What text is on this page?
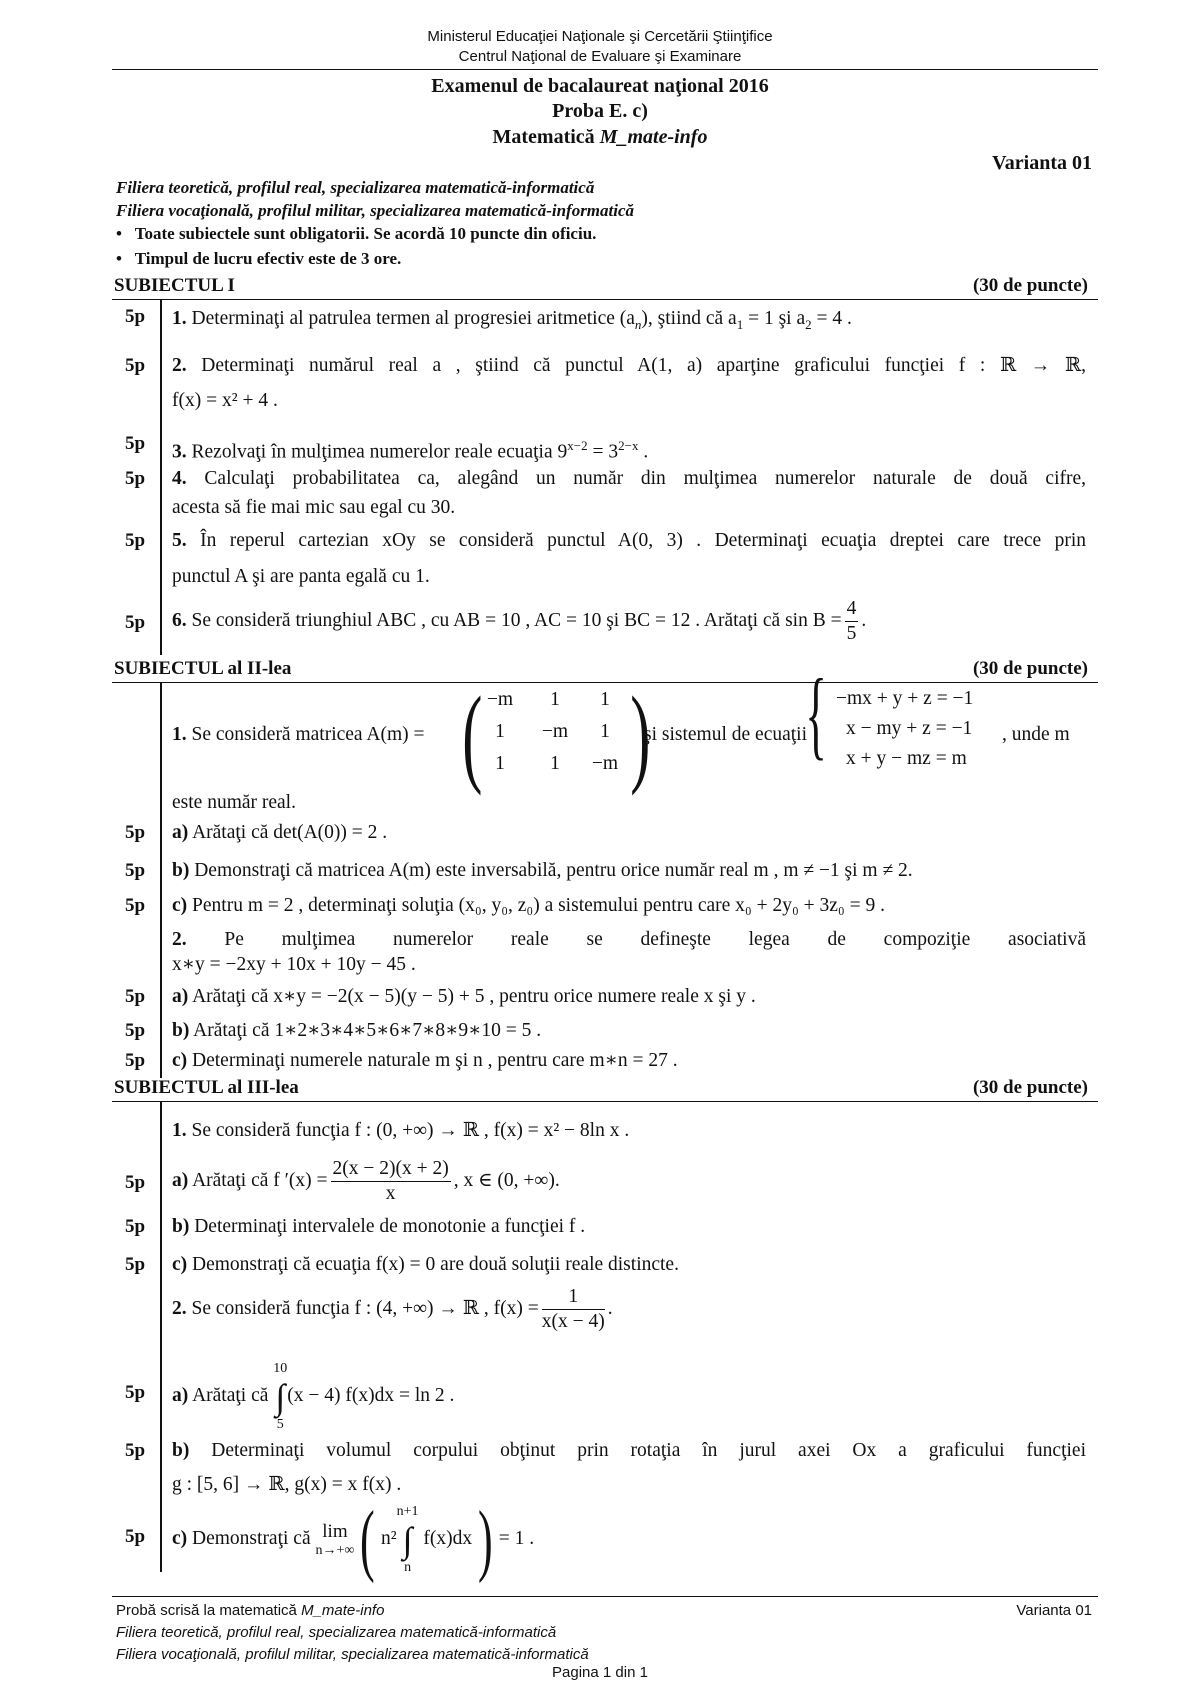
Ministerul Educaţiei Naţionale şi Cercetării Ştiinţifice
Centrul Naţional de Evaluare şi Examinare
Examenul de bacalaureat naţional 2016
Proba E. c)
Matematică M_mate-info
Varianta 01
Filiera teoretică, profilul real, specializarea matematică-informatică
Filiera vocaţională, profilul militar, specializarea matematică-informatică
•   Toate subiectele sunt obligatorii. Se acordă 10 puncte din oficiu.
•   Timpul de lucru efectiv este de 3 ore.
SUBIECTUL I	(30 de puncte)
5p 1. Determinaţi al patrulea termen al progresiei aritmetice $(a_n)$, ştiind că $a_1 = 1$ şi $a_2 = 4$ .
5p 2. Determinaţi numărul real a , ştiind că punctul A(1, a) aparţine graficului funcţiei f : ℝ → ℝ,
f(x) = x² + 4 .
5p 3. Rezolvaţi în mulţimea numerelor reale ecuaţia $9^{x-2} = 3^{2-x}$ .
5p 4. Calculaţi probabilitatea ca, alegând un număr din mulţimea numerelor naturale de două cifre,
acesta să fie mai mic sau egal cu 30.
5p 5. În reperul cartezian xOy se consideră punctul A(0, 3) . Determinaţi ecuaţia dreptei care trece prin
punctul A şi are panta egală cu 1.
5p 6. Se consideră triunghiul ABC , cu AB = 10 , AC = 10 şi BC = 12 . Arătaţi că $\sin B = \frac{4}{5}$ .
SUBIECTUL al II-lea	(30 de puncte)
1. Se consideră matricea A(m) = ( −m	1	1
1	−m	1
1	1	−m )
şi sistemul de ecuaţii
{ −mx + y + z = −1
x − my + z = −1
x + y − mz = m
, unde m
este număr real.
5p a) Arătaţi că det(A(0)) = 2 .
5p b) Demonstraţi că matricea A(m) este inversabilă, pentru orice număr real m , m ≠ −1 şi m ≠ 2.
5p c) Pentru m = 2 , determinaţi soluţia (x₀, y₀, z₀) a sistemului pentru care x₀ + 2y₀ + 3z₀ = 9 .
2. Pe mulţimea numerelor reale se defineşte legea de compoziţie asociativă
x∗y = −2xy + 10x + 10y − 45 .
5p a) Arătaţi că x∗y = −2(x − 5)(y − 5) + 5 , pentru orice numere reale x şi y .
5p b) Arătaţi că 1∗2∗3∗4∗5∗6∗7∗8∗9∗10 = 5 .
5p c) Determinaţi numerele naturale m şi n , pentru care m∗n = 27 .
SUBIECTUL al III-lea	(30 de puncte)
1. Se consideră funcţia f : (0, +∞) → ℝ , f(x) = x² − 8ln x .
5p a) Arătaţi că f $'(x) = \frac{2(x - 2)(x + 2)}{x}$ , x ∈ (0, +∞).
5p b) Determinaţi intervalele de monotonie a funcţiei f .
5p c) Demonstraţi că ecuaţia f(x) = 0 are două soluţii reale distincte.
2. Se consideră funcţia f : (4, +∞) → ℝ , $f(x) = \frac{1}{x(x - 4)}$ .
5p a) Arătaţi că 10
∫
5(x − 4) f(x)dx = ln 2 .
5p b) Determinaţi volumul corpului obţinut prin rotaţia în jurul axei Ox a graficului funcţiei
g : [5, 6] → ℝ, g(x) = x f(x) .
5p c) Demonstraţi că lim
n→+∞( n²n+1
∫
n f(x)dx) = 1 .
Probă scrisă la matematică M_mate-info	Varianta 01
Filiera teoretică, profilul real, specializarea matematică-informatică
Filiera vocaţională, profilul militar, specializarea matematică-informatică
Pagina 1 din 1
